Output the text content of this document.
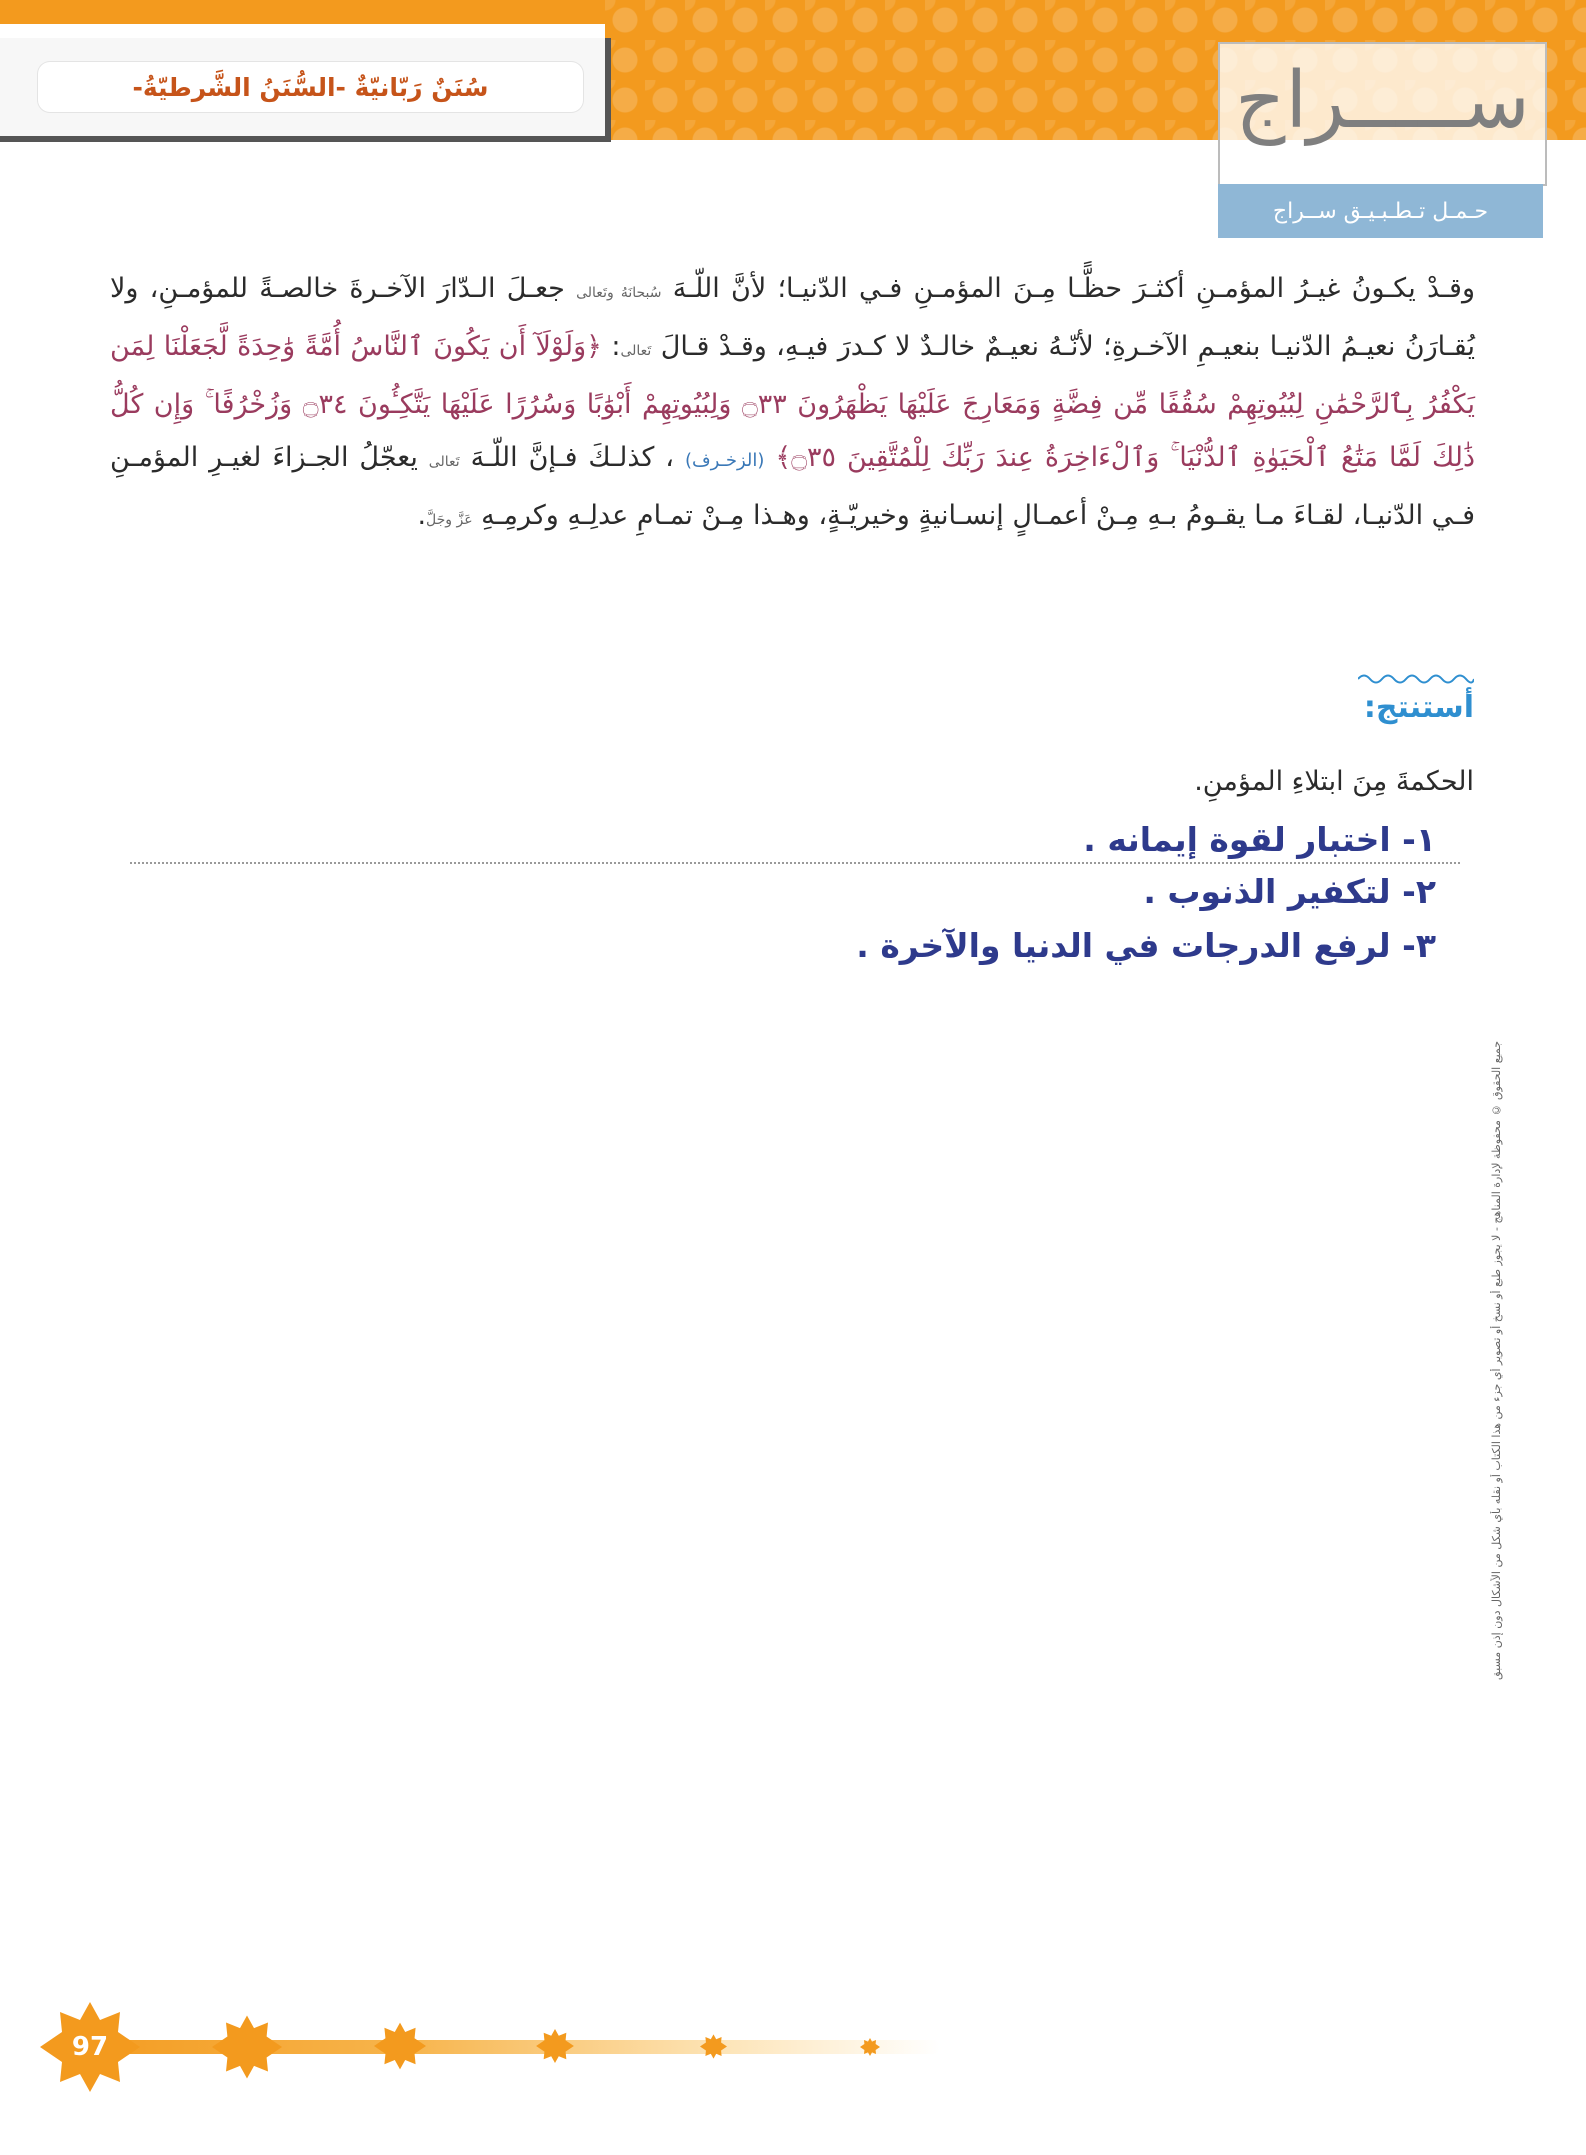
سُنَنٌ رَبّانيّةٌ -السُّنَنُ الشَّرطيّةُ-	ســـــراج
حـمـل تـطـبـيـق ســراج
وقـدْ يكـونُ غيـرُ المؤمـنِ أكثـرَ حظًّـا مِـنَ المؤمـنِ فـي الدّنيـا؛ لأنَّ اللّـهَ سُبحانَهُ وتَعالى جعـلَ الـدّارَ الآخـرةَ خالصـةً للمؤمـنِ، ولا يُقـارَنُ نعيـمُ الدّنيـا بنعيـمِ الآخـرةِ؛ لأنّـهُ نعيـمٌ خالـدٌ لا كـدرَ فيـهِ، وقـدْ قـالَ تَعالى: ﴿وَلَوْلَآ أَن يَكُونَ ٱلنَّاسُ أُمَّةً وَٰحِدَةً لَّجَعَلْنَا لِمَن يَكْفُرُ بِٱلرَّحْمَٰنِ لِبُيُوتِهِمْ سُقُفًا مِّن فِضَّةٍ وَمَعَارِجَ عَلَيْهَا يَظْهَرُونَ ۝٣٣ وَلِبُيُوتِهِمْ أَبْوَٰبًا وَسُرُرًا عَلَيْهَا يَتَّكِـُٔونَ ۝٣٤ وَزُخْرُفًا ۚ وَإِن كُلُّ ذَٰلِكَ لَمَّا مَتَٰعُ ٱلْحَيَوٰةِ ٱلدُّنْيَا ۚ وَٱلْءَاخِرَةُ عِندَ رَبِّكَ لِلْمُتَّقِينَ ۝٣٥﴾ (الزخـرف) ، كذلـكَ فـإنَّ اللّـهَ تَعالى يعجّلُ الجـزاءَ لغيـرِ المؤمـنِ فـي الدّنيـا، لقـاءَ مـا يقـومُ بـهِ مِـنْ أعمـالٍ إنسـانيةٍ وخيريّـةٍ، وهـذا مِـنْ تمـامِ عدلِـهِ وكرمِـهِ عَزَّ وجَلَّ.
جميع الحقوق © محفوظة لإدارة المناهج - لا يجوز طبع أو نسخ أو تصوير أي جزء من هذا الكتاب أو نقله بأي شكل من الأشكال دون إذن مسبق
أستنتج:
الحكمةَ مِنَ ابتلاءِ المؤمنِ.
١- اختبار لقوة إيمانه .
٢- لتكفير الذنوب .
٣- لرفع الدرجات في الدنيا والآخرة .
97
